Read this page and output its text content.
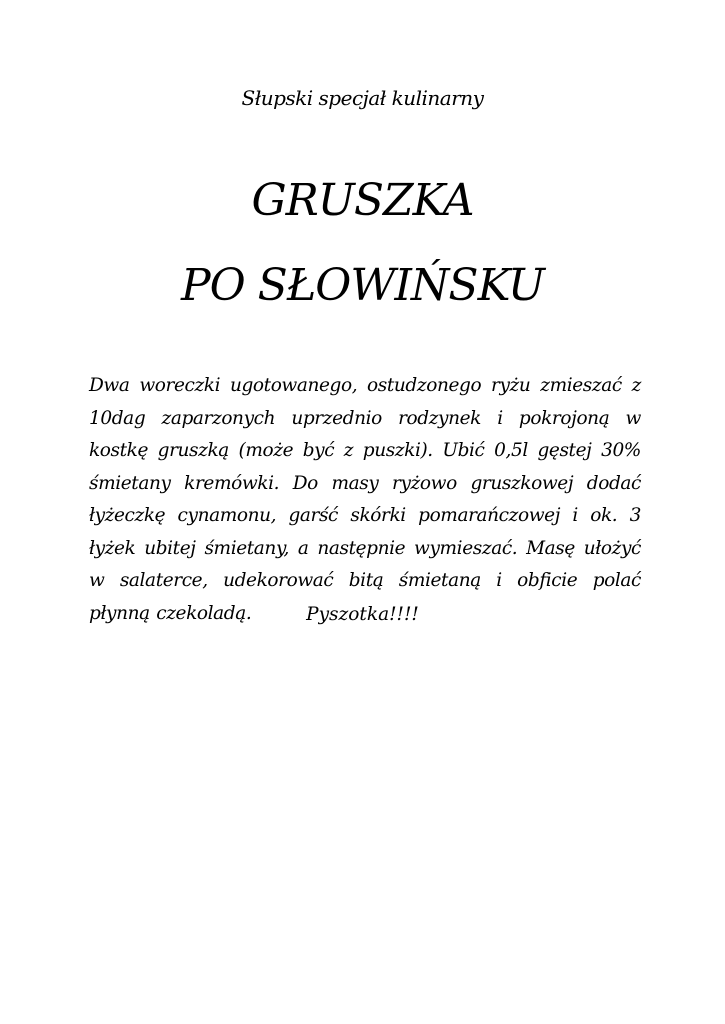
Słupski specjał kulinarny
GRUSZKA
PO SŁOWIŃSKU

Dwa woreczki ugotowanego, ostudzonego ryżu zmieszać z 10dag zaparzonych uprzednio rodzynek i pokrojoną w kostkę gruszką (może być z puszki). Ubić 0,5l gęstej 30% śmietany kremówki. Do masy ryżowo gruszkowej dodać łyżeczkę cynamonu, garść skórki pomarańczowej i ok. 3 łyżek ubitej śmietany, a następnie wymieszać. Masę ułożyć w salaterce, udekorować bitą śmietaną i obficie polać płynną czekoladą.	Pyszotka!!!!
